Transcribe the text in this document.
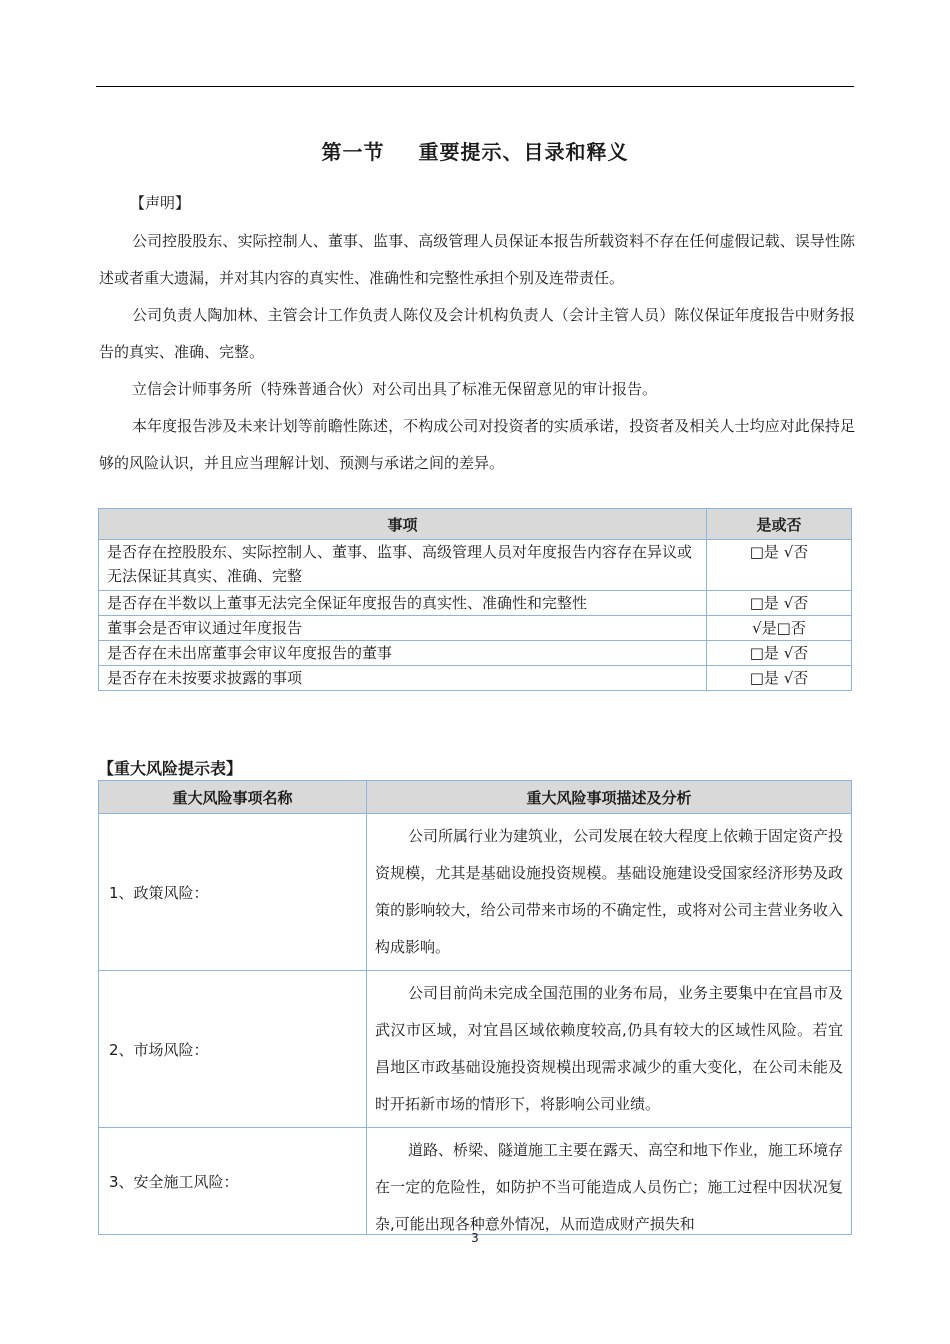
第一节 重要提示、目录和释义
【声明】
公司控股股东、实际控制人、董事、监事、高级管理人员保证本报告所载资料不存在任何虚假记载、误导性陈述或者重大遗漏，并对其内容的真实性、准确性和完整性承担个别及连带责任。
公司负责人陶加林、主管会计工作负责人陈仪及会计机构负责人（会计主管人员）陈仪保证年度报告中财务报告的真实、准确、完整。
立信会计师事务所（特殊普通合伙）对公司出具了标准无保留意见的审计报告。
本年度报告涉及未来计划等前瞻性陈述，不构成公司对投资者的实质承诺，投资者及相关人士均应对此保持足够的风险认识，并且应当理解计划、预测与承诺之间的差异。
事项	是或否
是否存在控股股东、实际控制人、董事、监事、高级管理人员对年度报告内容存在异议或无法保证其真实、准确、完整	□是 √否
是否存在半数以上董事无法完全保证年度报告的真实性、准确性和完整性	□是 √否
董事会是否审议通过年度报告	√是□否
是否存在未出席董事会审议年度报告的董事	□是 √否
是否存在未按要求披露的事项	□是 √否
【重大风险提示表】
重大风险事项名称	重大风险事项描述及分析
1、政策风险：	公司所属行业为建筑业，公司发展在较大程度上依赖于固定资产投资规模，尤其是基础设施投资规模。基础设施建设受国家经济形势及政策的影响较大，给公司带来市场的不确定性，或将对公司主营业务收入构成影响。
2、市场风险：	公司目前尚未完成全国范围的业务布局，业务主要集中在宜昌市及武汉市区域，对宜昌区域依赖度较高,仍具有较大的区域性风险。若宜昌地区市政基础设施投资规模出现需求减少的重大变化，在公司未能及时开拓新市场的情形下，将影响公司业绩。
3、安全施工风险：	道路、桥梁、隧道施工主要在露天、高空和地下作业，施工环境存在一定的危险性，如防护不当可能造成人员伤亡；施工过程中因状况复杂,可能出现各种意外情况，从而造成财产损失和
3
